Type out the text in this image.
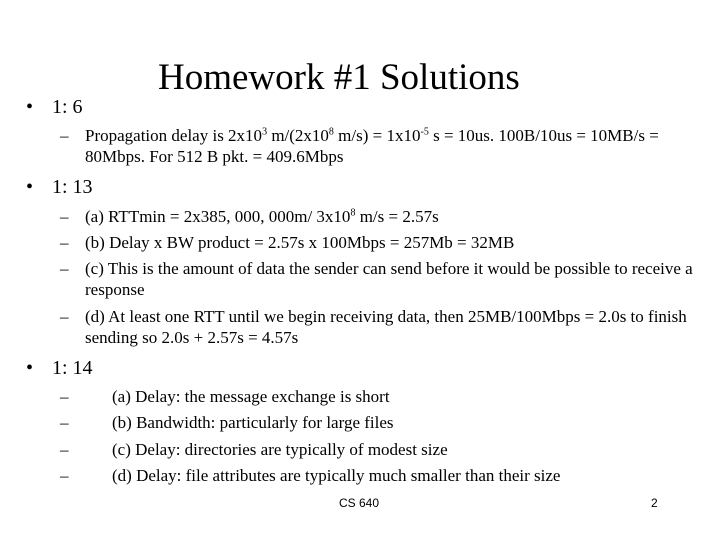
• 1: 6
Homework #1 Solutions
– Propagation delay is $2x10^3$ $m/(2x10^8$ $m/s) = 1x10^{-5}$ s = 10us. 100B/10us = 10MB/s = 80Mbps. For 512 B pkt. = 409.6Mbps
• 1: 13
– (a) RTTmin = 2x385, 000, 000m/ $3x10^8$ m/s = 2.57s
– (b) Delay x BW product = 2.57s x 100Mbps = 257Mb = 32MB
– (c) This is the amount of data the sender can send before it would be possible to receive a response
– (d) At least one RTT until we begin receiving data, then 25MB/100Mbps = 2.0s to finish sending so 2.0s + 2.57s = 4.57s
• 1: 14
–	(a) Delay: the message exchange is short
–	(b) Bandwidth: particularly for large files
–	(c) Delay: directories are typically of modest size
–	(d) Delay: file attributes are typically much smaller than their size
CS 640	2
